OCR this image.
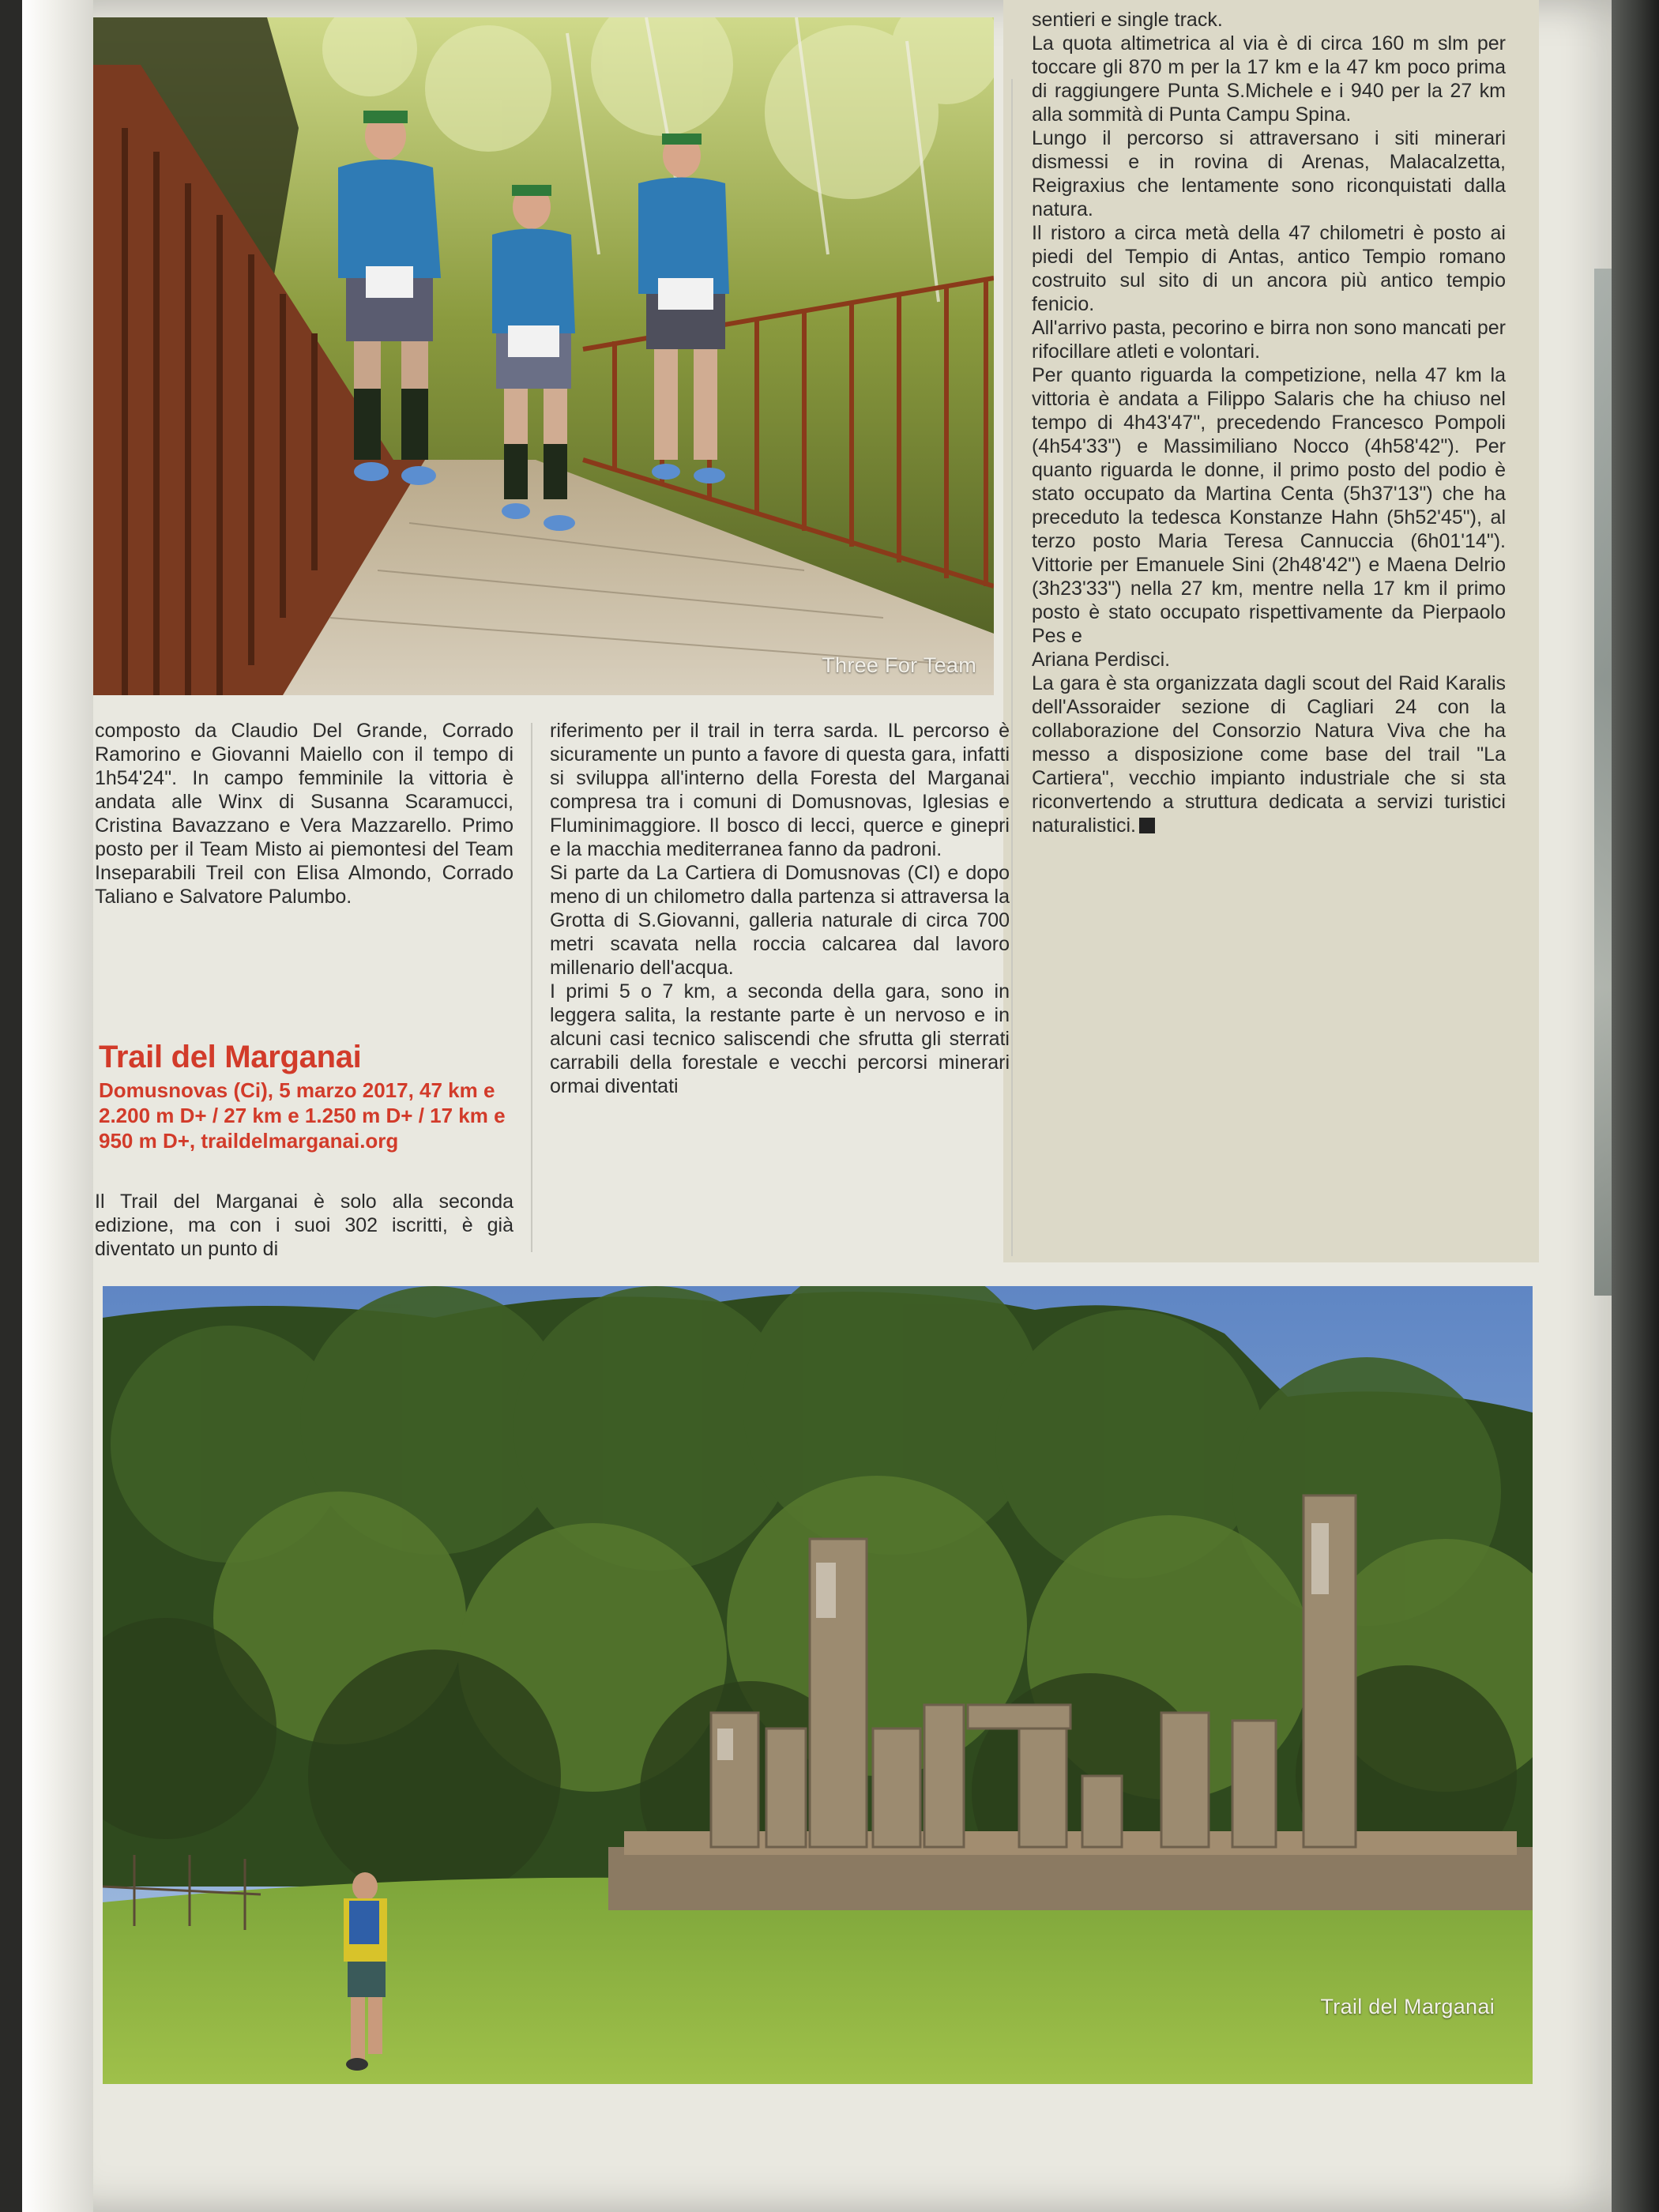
Three For Team

composto da Claudio Del Grande, Corrado Ramorino e Giovanni Maiello con il tempo di 1h54'24". In campo femminile la vittoria è andata alle Winx di Susanna Scaramucci, Cristina Bavazzano e Vera Mazzarello. Primo posto per il Team Misto ai piemontesi del Team Inseparabili Treil con Elisa Almondo, Corrado Taliano e Salvatore Palumbo.

Trail del Marganai
Domusnovas (Ci), 5 marzo 2017, 47 km e 2.200 m D+ / 27 km e 1.250 m D+ / 17 km e 950 m D+, traildelmarganai.org

Il Trail del Marganai è solo alla seconda edizione, ma con i suoi 302 iscritti, è già diventato un punto di

riferimento per il trail in terra sarda. IL percorso è sicuramente un punto a favore di questa gara, infatti si sviluppa all'interno della Foresta del Marganai compresa tra i comuni di Domusnovas, Iglesias e Fluminimaggiore. Il bosco di lecci, querce e ginepri e la macchia mediterranea fanno da padroni.

Si parte da La Cartiera di Domusnovas (CI) e dopo meno di un chilometro dalla partenza si attraversa la Grotta di S.Giovanni, galleria naturale di circa 700 metri scavata nella roccia calcarea dal lavoro millenario dell'acqua.

I primi 5 o 7 km, a seconda della gara, sono in leggera salita, la restante parte è un nervoso e in alcuni casi tecnico saliscendi che sfrutta gli sterrati carrabili della forestale e vecchi percorsi minerari ormai diventati

sentieri e single track.

La quota altimetrica al via è di circa 160 m slm per toccare gli 870 m per la 17 km e la 47 km poco prima di raggiungere Punta S.Michele e i 940 per la 27 km alla sommità di Punta Campu Spina.

Lungo il percorso si attraversano i siti minerari dismessi e in rovina di Arenas, Malacalzetta, Reigraxius che lentamente sono riconquistati dalla natura.

Il ristoro a circa metà della 47 chilometri è posto ai piedi del Tempio di Antas, antico Tempio romano costruito sul sito di un ancora più antico tempio fenicio.

All'arrivo pasta, pecorino e birra non sono mancati per rifocillare atleti e volontari.

Per quanto riguarda la competizione, nella 47 km la vittoria è andata a Filippo Salaris che ha chiuso nel tempo di 4h43'47", precedendo Francesco Pompoli (4h54'33") e Massimiliano Nocco (4h58'42"). Per quanto riguarda le donne, il primo posto del podio è stato occupato da Martina Centa (5h37'13") che ha preceduto la tedesca Konstanze Hahn (5h52'45"), al terzo posto Maria Teresa Cannuccia (6h01'14"). Vittorie per Emanuele Sini (2h48'42") e Maena Delrio (3h23'33") nella 27 km, mentre nella 17 km il primo posto è stato occupato rispettivamente da Pierpaolo Pes e

Ariana Perdisci.

La gara è sta organizzata dagli scout del Raid Karalis dell'Assoraider sezione di Cagliari 24 con la collaborazione del Consorzio Natura Viva che ha messo a disposizione come base del trail "La Cartiera", vecchio impianto industriale che si sta riconvertendo a struttura dedicata a servizi turistici naturalistici.

Trail del Marganai
